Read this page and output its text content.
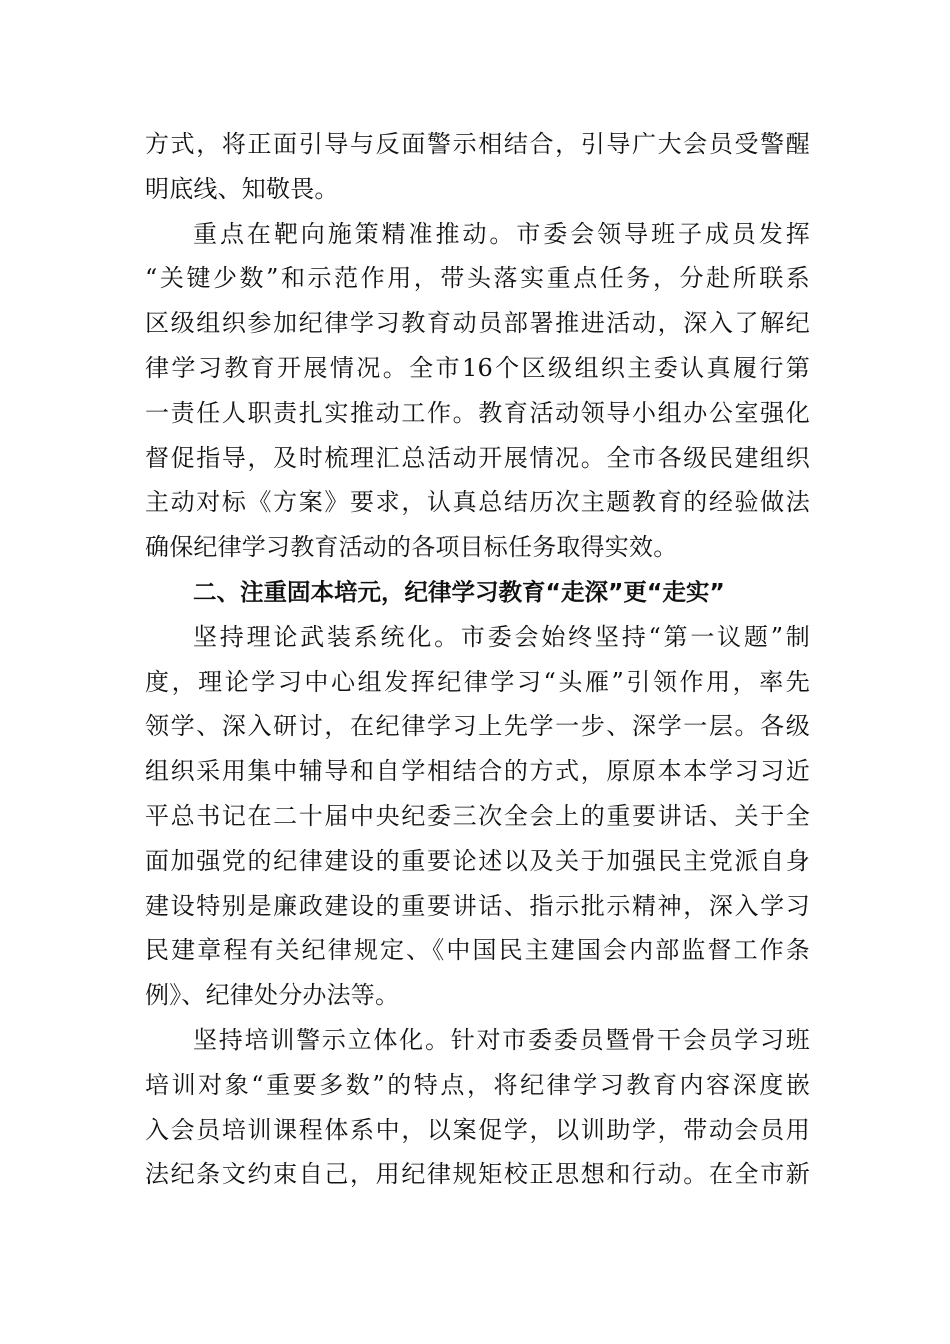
方式，将正面引导与反面警示相结合，引导广大会员受警醒
明底线、知敬畏。
重点在靶向施策精准推动。市委会领导班子成员发挥
“关键少数”和示范作用，带头落实重点任务，分赴所联系
区级组织参加纪律学习教育动员部署推进活动，深入了解纪
律学习教育开展情况。全市16个区级组织主委认真履行第
一责任人职责扎实推动工作。教育活动领导小组办公室强化
督促指导，及时梳理汇总活动开展情况。全市各级民建组织
主动对标《方案》要求，认真总结历次主题教育的经验做法
确保纪律学习教育活动的各项目标任务取得实效。
二、注重固本培元，纪律学习教育“走深”更“走实”
坚持理论武装系统化。市委会始终坚持“第一议题”制
度，理论学习中心组发挥纪律学习“头雁”引领作用，率先
领学、深入研讨，在纪律学习上先学一步、深学一层。各级
组织采用集中辅导和自学相结合的方式，原原本本学习习近
平总书记在二十届中央纪委三次全会上的重要讲话、关于全
面加强党的纪律建设的重要论述以及关于加强民主党派自身
建设特别是廉政建设的重要讲话、指示批示精神，深入学习
民建章程有关纪律规定、《中国民主建国会内部监督工作条
例》、纪律处分办法等。
坚持培训警示立体化。针对市委委员暨骨干会员学习班
培训对象“重要多数”的特点，将纪律学习教育内容深度嵌
入会员培训课程体系中，以案促学，以训助学，带动会员用
法纪条文约束自己，用纪律规矩校正思想和行动。在全市新
